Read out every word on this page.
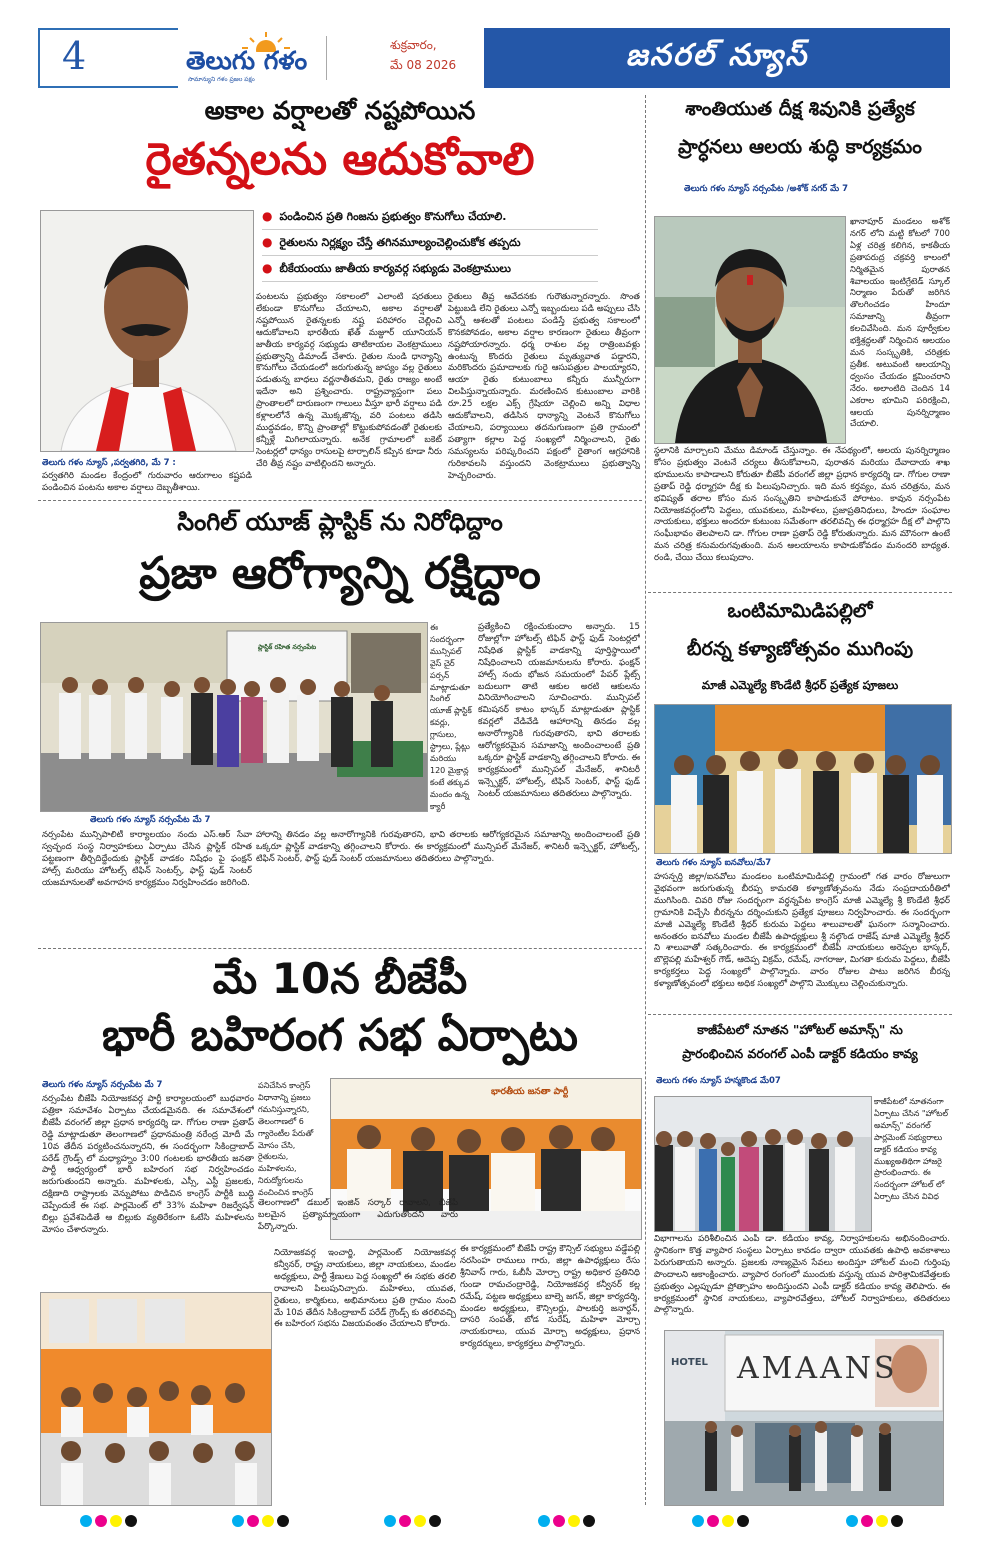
4	తెలుగు గళం
సామాన్యుని గళం ప్రజల పక్షం
శుక్రవారం,
మే 08 2026	జనరల్ న్యూస్
అకాల వర్షాలతో నష్టపోయిన
రైతన్నలను ఆదుకోవాలి
● పండించిన ప్రతి గింజను ప్రభుత్వం కొనుగోలు చేయాలి.
● రైతులను నిర్లక్ష్యం చేస్తే తగినమూల్యంచెల్లించుకోక తప్పదు
● బీకేయంయు జాతీయ కార్యవర్గ సభ్యుడు వెంకట్రాములు
తెలుగు గళం న్యూస్ ,పర్వతగిరి, మే 7 :
పర్వతగిరి మండల కేంద్రంలో గురువారం ఆరుగాలం కష్టపడి పండించిన పంటను అకాల వర్షాలు దెబ్బతీశాయి.
పంటలను ప్రభుత్వం సకాలంలో ఎలాంటి షరతులు లేకుండా కొనుగోలు చేయాలని, అకాల వర్షాలతో నష్టపోయిన రైతన్నలకు నష్ట పరిహారం చెల్లించి ఆదుకోవాలని భారతీయ ఖేత్ మజ్దూర్ యూనియన్ జాతీయ కార్యవర్గ సభ్యుడు తాటికాయల వెంకట్రాములు ప్రభుత్వాన్ని డిమాండ్ చేశారు. రైతుల నుండి ధాన్యాన్ని కొనుగోలు చేయడంలో జరుగుతున్న జాప్యం వల్ల రైతులు పడుతున్న బాధలు వర్ణనాతీతమని, రైతు రాజ్యం అంటే ఇదేనా అని ప్రశ్నించారు. రాష్ట్రవ్యాప్తంగా పలు ప్రాంతాలలో దారుణంగా గాలులు వీస్తూ భారీ వర్షాలు పడి కళ్లాలలోనే ఉన్న మొక్కజొన్న, వరి పంటలు తడిసి ముద్దవడం, కొన్ని ప్రాంతాల్లో కొట్టుకుపోవడంతో రైతులకు కన్నీళ్లే మిగిలాయన్నారు. అనేక గ్రామాలలో బకెట్ సెంటర్లలో ధాన్యం రాసులపై టార్పాలిన్ కప్పిన కూడా నీరు చేరి తీవ్ర నష్టం వాటిల్లిందని అన్నారు.
రైతులు తీవ్ర ఆవేదనకు గురౌతున్నారన్నారు. సొంత పెట్టుబడి లేని రైతులు ఎన్నో ఇబ్బందులు పడి అప్పులు చేసి ఎన్నో ఆశలతో పంటలు పండిస్తే ప్రభుత్వ సకాలంలో కొనకపోవడం, అకాల వర్షాల కారణంగా రైతులు తీవ్రంగా నష్టపోయారన్నారు. ధర్మ రాశుల వల్ల రాత్రింబవళ్లు ఉంటున్న కొందరు రైతులు మృత్యువాత పడ్డారని, మరికొందరు ప్రమాదాలకు గురై ఆసుపత్రుల పాలయ్యారని, ఆయా రైతు కుటుంబాలు కన్నీరు మున్నీరుగా విలపిస్తున్నాయన్నారు. మరణించిన కుటుంబాల వారికి రూ.25 లక్షల ఎక్స్ గ్రేషియా చెల్లించి అన్ని విధాల ఆదుకోవాలని, తడిసిన ధాన్యాన్ని వెంటనే కొనుగోలు చేయాలని, పర్యాయిలు తదనుగుణంగా ప్రతి గ్రామంలో పత్యాగా కల్లాల పెద్ద సంఖ్యలో నిర్మించాలని, రైతు సమస్యలను పరిష్కరించని పక్షంలో రైతాంగ ఆగ్రహానికి గురికావలసి వస్తుందని వెంకట్రాములు ప్రభుత్వాన్ని హెచ్చరించారు.
సింగిల్ యూజ్ ప్లాస్టిక్ ను నిరోధిద్దాం
ప్రజా ఆరోగ్యాన్ని రక్షిద్దాం
ప్లాస్టిక్ రహిత నర్సంపేట
ఈ సందర్భంగా మున్సిపల్ వైస్ చైర్ పర్సన్ మాట్లాడుతూ సింగిల్ యూజ్ ప్లాస్టిక్ కవర్లు, గ్లాసులు, స్ట్రాలు, ప్లేట్లు మరియు 120 మైక్రాన్ల కంటే తక్కువ మందం ఉన్న క్యారీ
తెలుగు గళం న్యూస్ నర్సంపేట మే 7
నర్సంపేట మున్సిపాలిటీ కార్యాలయం నందు ఎస్.ఆర్ సేవా స్వచ్ఛంద సంస్థ నిర్వాహకులు ఏర్పాటు చేసిన ప్లాస్టిక్ రహిత పట్టణంగా తీర్చిదిద్దేందుకు ప్లాస్టిక్ వాడకం నిషేధం పై ఫంక్షన్ హాల్స్ మరియు హోటల్స్ టిఫిన్ సెంటర్స్, ఫాస్ట్ ఫుడ్ సెంటర్ యజమానులతో అవగాహన కార్యక్రమం నిర్వహించడం జరిగింది.
హారాన్ని తినడం వల్ల అనారోగ్యానికి గురవుతారని, భావి తరాలకు ఆరోగ్యకరమైన సమాజాన్ని అందించాలంటే ప్రతి ఒక్కరూ ప్లాస్టిక్ వాడకాన్ని తగ్గించాలని కోరారు. ఈ కార్యక్రమంలో మున్సిపల్ మేనేజర్, శానిటరీ ఇన్స్పెక్టర్, హోటల్స్, టిఫిన్ సెంటర్, ఫాస్ట్ ఫుడ్ సెంటర్ యజమానులు తదితరులు పాల్గొన్నారు.
ప్రత్యేకించి రక్షించుకుందాం అన్నారు. 15 రోజుల్లోగా హోటల్స్ టిఫిన్ ఫాస్ట్ ఫుడ్ సెంటర్లలో నిషేధిత ప్లాస్టిక్ వాడకాన్ని పూర్తిస్థాయిలో నిషేధించాలని యజమానులను కోరారు. ఫంక్షన్ హాల్స్ నందు భోజన సమయంలో పేపర్ ప్లేట్స్ బదులుగా తాటి ఆకుల అరటి ఆకులను వినియోగించాలని సూచించారు. మున్సిపల్ కమిషనర్ కాటం భాస్కర్ మాట్లాడుతూ ప్లాస్టిక్ కవర్లలో వేడివేడి ఆహారాన్ని తినడం వల్ల అనారోగ్యానికి గురవుతారని, భావి తరాలకు ఆరోగ్యకరమైన సమాజాన్ని అందించాలంటే ప్రతి ఒక్కరూ ప్లాస్టిక్ వాడకాన్ని తగ్గించాలని కోరారు. ఈ కార్యక్రమంలో మున్సిపల్ మేనేజర్, శానిటరీ ఇన్స్పెక్టర్, హోటల్స్, టిఫిన్ సెంటర్, ఫాస్ట్ ఫుడ్ సెంటర్ యజమానులు తదితరులు పాల్గొన్నారు.
మే 10న బీజేపీ
భారీ బహిరంగ సభ ఏర్పాటు
తెలుగు గళం న్యూస్ నర్సంపేట మే 7
నర్సంపేట బీజేపీ నియోజకవర్గ పార్టీ కార్యాలయంలో బుధవారం పత్రికా సమావేశం ఏర్పాటు చేయడమైనది. ఈ సమావేశంలో బీజేపీ వరంగల్ జిల్లా ప్రధాన కార్యదర్శి డా. గోగుల రాణా ప్రతాప్ రెడ్డి మాట్లాడుతూ తెలంగాణలో ప్రధానమంత్రి నరేంద్ర మోదీ మే 10వ తేదీన పర్యటించనున్నారని, ఈ సందర్భంగా సికింద్రాబాద్ పరేడ్ గ్రౌండ్స్ లో మధ్యాహ్నం 3:00 గంటలకు భారతీయ జనతా పార్టీ ఆధ్వర్యంలో భారీ బహిరంగ సభ నిర్వహించడం జరుగుతుందని అన్నారు. మహిళలకు, ఎస్సీ, ఎస్టీ ప్రజలకు, దక్షిణాది రాష్ట్రాలకు వెన్నుపోటు పొడిచిన కాంగ్రెస్ పార్టీకి బుద్ధి చెప్పేందుకే ఈ సభ. పార్లమెంట్ లో 33% మహిళా రిజర్వేషన్ బిల్లు ప్రవేశపెడితే ఆ బిల్లుకు వ్యతిరేకంగా ఓటేసి మహిళలను మోసం చేశారన్నారు.
పనిచేసిన కాంగ్రెస్ విధానాన్ని ప్రజలు గమనిస్తున్నారని, తెలంగాణలో 6 గ్యారెంటీల పేరుతో మోసం చేసి, రైతులను, మహిళలను, నిరుద్యోగులను వంచించిన కాంగ్రెస్
భారతీయ జనతా పార్టీ
తెలంగాణలో డబుల్ ఇంజిన్ సర్కార్ రావాలని, బీజేపీ బలమైన ప్రత్యామ్నాయంగా ఎదుగుతోందని వారు పేర్కొన్నారు.
ఈ కార్యక్రమంలో బీజేపీ రాష్ట్ర కౌన్సిల్ సభ్యులు వడ్డేపల్లి నరసింహ రాములు గారు, జిల్లా ఉపాధ్యక్షులు రేసు శ్రీనివాస్ గారు, ఓబీసీ మోర్చా రాష్ట్ర అధికార ప్రతినిధి గుండా రామచంద్రారెడ్డి, నియోజకవర్గ కన్వీనర్ కల్ల రమేష్, పట్టణ అధ్యక్షులు బాల్నె జగన్, జిల్లా కార్యదర్శి, మండల అధ్యక్షులు, కౌన్సిలర్లు, పాలకుర్తి జనార్దన్, దాసరి సంపత్, బోడ సురేష్, మహిళా మోర్చా నాయకురాలు, యువ మోర్చా అధ్యక్షులు, ప్రధాన కార్యదర్శులు, కార్యకర్తలు పాల్గొన్నారు.
నియోజకవర్గ ఇంచార్జి, పార్లమెంట్ నియోజకవర్గ కన్వీనర్, రాష్ట్ర నాయకులు, జిల్లా నాయకులు, మండల అధ్యక్షులు, పార్టీ శ్రేణులు పెద్ద సంఖ్యలో ఈ సభకు తరలి రావాలని పిలుపునిచ్చారు. మహిళలు, యువత, రైతులు, కార్మికులు, అభిమానులు ప్రతి గ్రామం నుంచి మే 10వ తేదీన సికింద్రాబాద్ పరేడ్ గ్రౌండ్స్ కు తరలివచ్చి ఈ బహిరంగ సభను విజయవంతం చేయాలని కోరారు.
శాంతియుత దీక్ష శివునికి ప్రత్యేక
ప్రార్ధనలు ఆలయ శుద్ధి కార్యక్రమం
తెలుగు గళం న్యూస్ నర్సంపేట /అశోక్ నగర్ మే 7
ఖానాపూర్ మండలం అశోక్ నగర్ లోని మట్టి కోటలో 700 ఏళ్ల చరిత్ర కలిగిన, కాకతీయ ప్రతాపరుద్ర చక్రవర్తి కాలంలో నిర్మితమైన పురాతన శివాలయం ఇంటిగ్రేటెడ్ స్కూల్ నిర్మాణం పేరుతో జరిగిన తొలగించడం హిందూ సమాజాన్ని తీవ్రంగా కలచివేసింది. మన పూర్వీకుల భక్తిశ్రద్ధలతో నిర్మించిన ఆలయం మన సంస్కృతికి, చరిత్రకు ప్రతీక. అటువంటి ఆలయాన్ని ధ్వంసం చేయడం క్షమించరాని నేరం. అలాంటిది చెందిన 14 ఎకరాల భూమిని పరిరక్షించి, ఆలయ పునర్నిర్మాణం చేయాలి.
స్థలానికి మార్చాలని మేము డిమాండ్ చేస్తున్నాం. ఈ నేపథ్యంలో, ఆలయ పునర్నిర్మాణం కోసం ప్రభుత్వం వెంటనే చర్యలు తీసుకోవాలని, పురాతన మరియు దేవాదాయ శాఖ భూములను కాపాడాలని కోరుతూ బీజేపీ వరంగల్ జిల్లా ప్రధాన కార్యదర్శి డా. గోగుల రాణా ప్రతాప్ రెడ్డి ధర్మాగ్రహ దీక్ష కు పిలుపునిచ్చారు. ఇది మన కర్తవ్యం, మన చరిత్రను, మన భవిష్యత్ తరాల కోసం మన సంస్కృతిని కాపాడుకునే పోరాటం. కావున నర్సంపేట నియోజకవర్గంలోని పెద్దలు, యువకులు, మహిళలు, ప్రజాప్రతినిధులు, హిందూ సంఘాల నాయకులు, భక్తులు అందరూ కుటుంబ సమేతంగా తరలివచ్చి ఈ ధర్మాగ్రహ దీక్ష లో పాల్గొని సంఘీభావం తెలపాలని డా. గోగుల రాణా ప్రతాప్ రెడ్డి కోరుతున్నారు. మన మౌనంగా ఉంటే మన చరిత్ర కనుమరుగవుతుంది. మన ఆలయాలను కాపాడుకోవడం మనందరి బాధ్యత. రండి, చేయి చేయి కలుపుదాం.
ఒంటిమామిడిపల్లిలో
బీరన్న కళ్యాణోత్సవం ముగింపు
మాజీ ఎమ్మెల్యే కొండేటి శ్రీధర్ ప్రత్యేక పూజలు
తెలుగు గళం న్యూస్ ఐనవోలు/మే7
హసన్పర్తి జిల్లా/ఐనవోలు మండలం ఒంటిమామిడిపల్లి గ్రామంలో గత వారం రోజులుగా వైభవంగా జరుగుతున్న బీరప్ప కామరతి కళ్యాణోత్సవంను నేడు సంప్రదాయరీతిలో ముగిసింది. చివరి రోజు సందర్భంగా వర్ధన్నపేట కాంగ్రెస్ మాజీ ఎమ్మెల్యే శ్రీ కొండేటి శ్రీధర్ గ్రామానికి విచ్చేసి బీరన్నను దర్శించుకుని ప్రత్యేక పూజలు నిర్వహించారు. ఈ సందర్భంగా మాజీ ఎమ్మెల్యే కొండేటి శ్రీధర్ కురుమ పెద్దలు శాలువాలతో ఘనంగా సన్మానించారు. అనంతరం ఐనవోలు మండల బీజేపీ ఉపాధ్యక్షులు శ్రీ నల్గొండ రాజేష్ మాజీ ఎమ్మెల్యే శ్రీధర్ ని శాలువాతో సత్కరించారు. ఈ కార్యక్రమంలో బీజేపీ నాయకులు అరెప్పల భాస్కర్, బొల్లెపల్లి మహేశ్వర్ గౌడ్, ఆదెప్ప విక్రమ్, రమేష్, నాగరాజు, మిగతా కురుమ పెద్దలు, బీజేపీ కార్యకర్తలు పెద్ద సంఖ్యలో పాల్గొన్నారు. వారం రోజుల పాటు జరిగిన బీరన్న కళ్యాణోత్సవంలో భక్తులు అధిక సంఖ్యలో పాల్గొని మొక్కులు చెల్లించుకున్నారు.
కాజీపేటలో నూతన "హోటల్ అమాన్స్" ను
ప్రారంభించిన వరంగల్ ఎంపీ డాక్టర్ కడియం కావ్య
తెలుగు గళం న్యూస్ హన్మకొండ మే07
కాజీపేటలో నూతనంగా ఏర్పాటు చేసిన "హోటల్ అమాన్స్" వరంగల్ పార్లమెంట్ సభ్యురాలు డాక్టర్ కడియం కావ్య ముఖ్యఅతిథిగా హాజరై ప్రారంభించారు. ఈ సందర్భంగా హోటల్ లో ఏర్పాటు చేసిన వివిధ
విభాగాలను పరిశీలించిన ఎంపీ డా. కడియం కావ్య, నిర్వాహకులను అభినందించారు. స్థానికంగా కొత్త వ్యాపార సంస్థలు ఏర్పాటు కావడం ద్వారా యువతకు ఉపాధి అవకాశాలు పెరుగుతాయని అన్నారు. ప్రజలకు నాణ్యమైన సేవలు అందిస్తూ హోటల్ మంచి గుర్తింపు పొందాలని ఆకాంక్షించారు. వ్యాపార రంగంలో ముందుకు వస్తున్న యువ పారిశ్రామికవేత్తలకు ప్రభుత్వం ఎల్లప్పుడూ ప్రోత్సాహం అందిస్తుందని ఎంపీ డాక్టర్ కడియం కావ్య తెలిపారు. ఈ కార్యక్రమంలో స్థానిక నాయకులు, వ్యాపారవేత్తలు, హోటల్ నిర్వాహకులు, తదితరులు పాల్గొన్నారు.
HOTEL AMAANS
